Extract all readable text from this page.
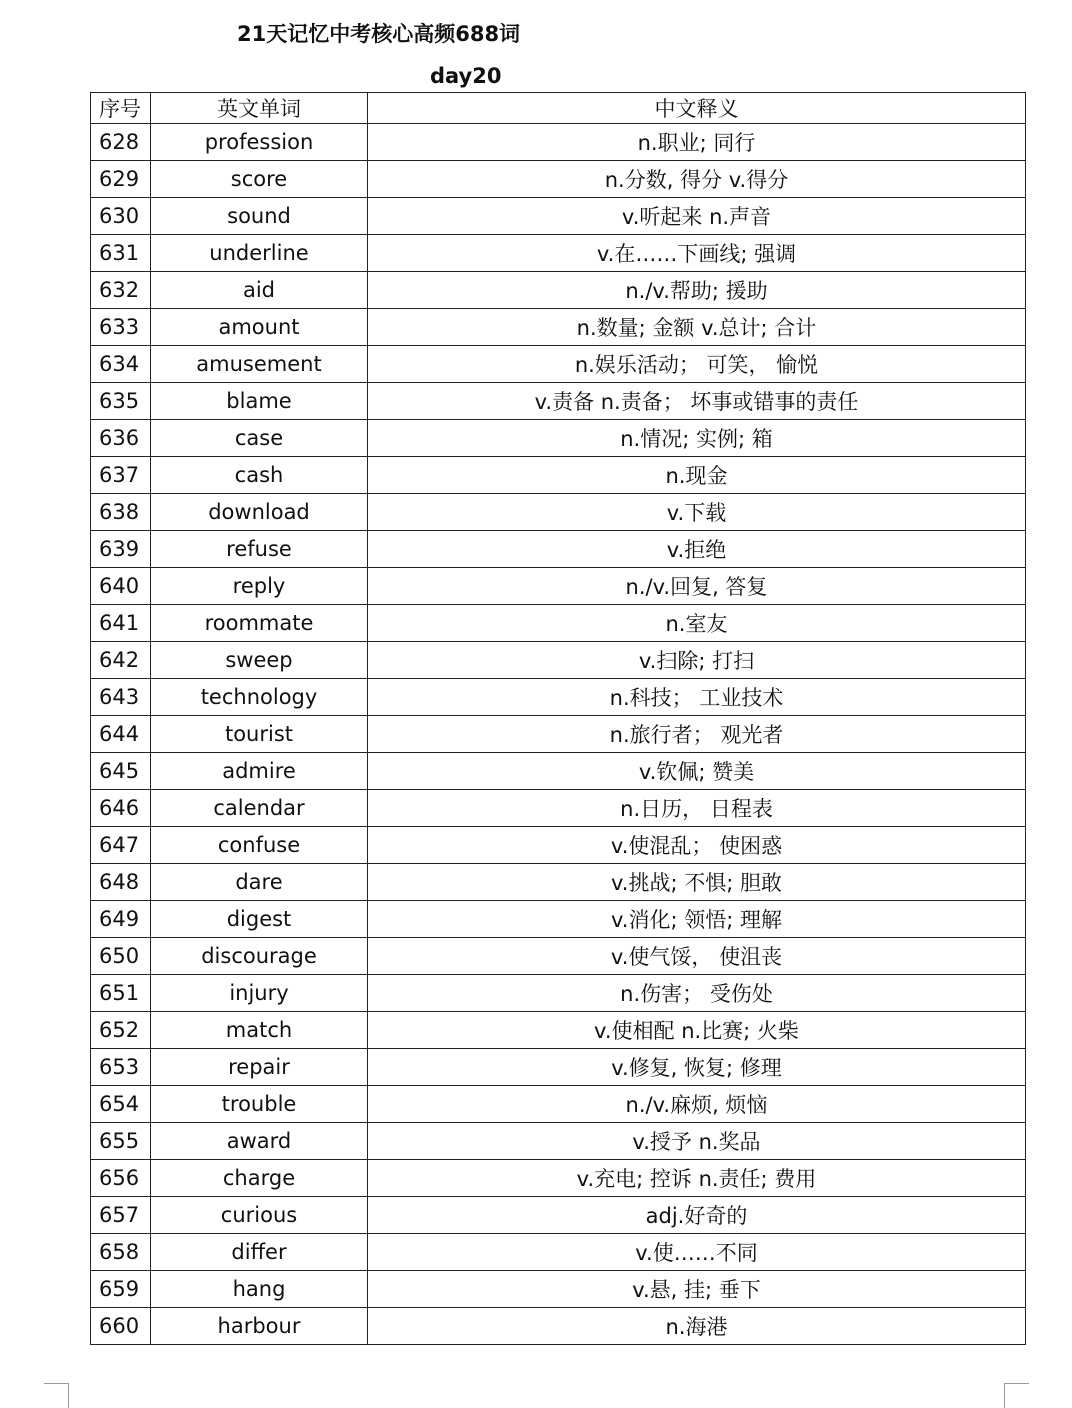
21天记忆中考核心高频688词
day20
序号	英文单词	中文释义
628	profession	n.职业; 同行
629	score	n.分数, 得分 v.得分
630	sound	v.听起来 n.声音
631	underline	v.在……下画线; 强调
632	aid	n./v.帮助; 援助
633	amount	n.数量; 金额 v.总计; 合计
634	amusement	n.娱乐活动； 可笑， 愉悦
635	blame	v.责备 n.责备； 坏事或错事的责任
636	case	n.情况; 实例; 箱
637	cash	n.现金
638	download	v.下载
639	refuse	v.拒绝
640	reply	n./v.回复, 答复
641	roommate	n.室友
642	sweep	v.扫除; 打扫
643	technology	n.科技； 工业技术
644	tourist	n.旅行者； 观光者
645	admire	v.钦佩; 赞美
646	calendar	n.日历， 日程表
647	confuse	v.使混乱； 使困惑
648	dare	v.挑战; 不惧; 胆敢
649	digest	v.消化; 领悟; 理解
650	discourage	v.使气馁， 使沮丧
651	injury	n.伤害； 受伤处
652	match	v.使相配 n.比赛; 火柴
653	repair	v.修复, 恢复; 修理
654	trouble	n./v.麻烦, 烦恼
655	award	v.授予 n.奖品
656	charge	v.充电; 控诉 n.责任; 费用
657	curious	adj.好奇的
658	differ	v.使……不同
659	hang	v.悬, 挂; 垂下
660	harbour	n.海港
